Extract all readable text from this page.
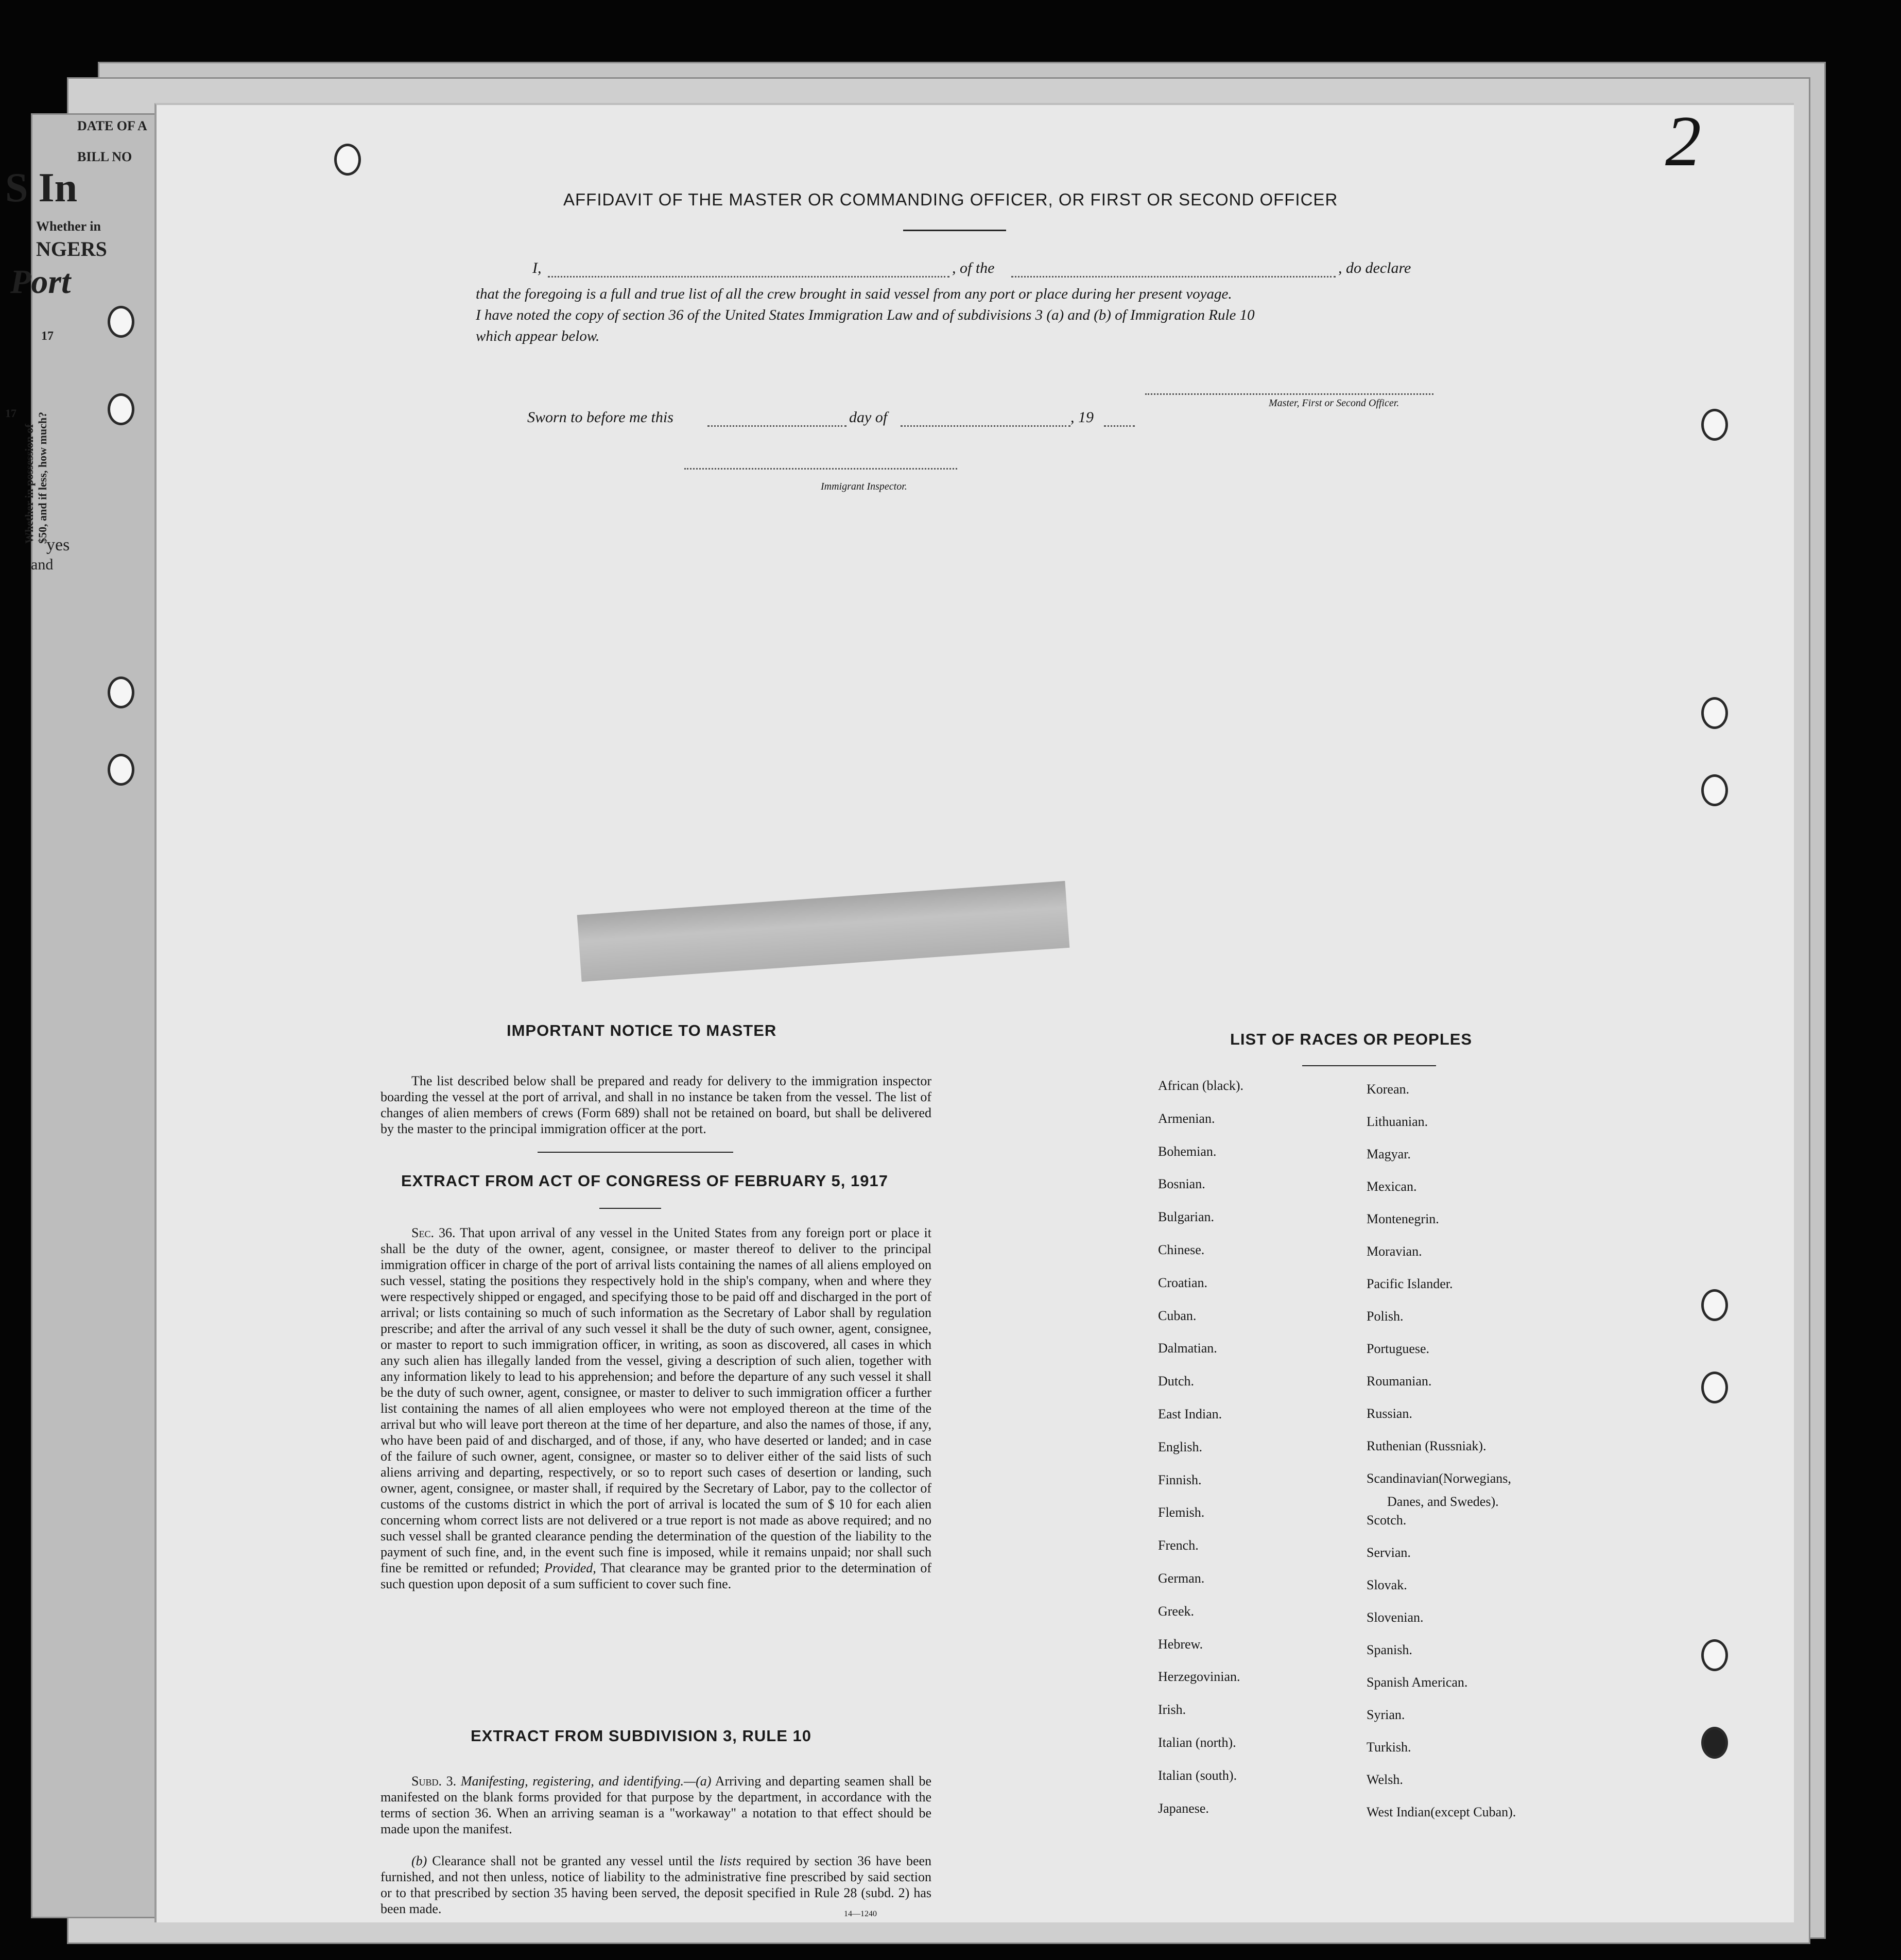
DATE OF A
BILL NO
S In
Whether in
NGERS
Port
17
17
Whether in possession of $50, and if less, how much?
yes
and
2
AFFIDAVIT OF THE MASTER OR COMMANDING OFFICER, OR FIRST OR SECOND OFFICER
I,	, of the	, do declare
that the foregoing is a full and true list of all the crew brought in said vessel from any port or place during her present voyage.
I have noted the copy of section 36 of the United States Immigration Law and of subdivisions 3 (a) and (b) of Immigration Rule 10
which appear below.
Master, First or Second Officer.
Sworn to before me this	day of	, 19
Immigrant Inspector.
IMPORTANT NOTICE TO MASTER
The list described below shall be prepared and ready for delivery to the immigration inspector boarding the vessel at the port of arrival, and shall in no instance be taken from the vessel. The list of changes of alien members of crews (Form 689) shall not be retained on board, but shall be delivered by the master to the principal immigration officer at the port.
EXTRACT FROM ACT OF CONGRESS OF FEBRUARY 5, 1917
Sec. 36. That upon arrival of any vessel in the United States from any foreign port or place it shall be the duty of the owner, agent, consignee, or master thereof to deliver to the principal immigration officer in charge of the port of arrival lists containing the names of all aliens employed on such vessel, stating the positions they respectively hold in the ship's company, when and where they were respectively shipped or engaged, and specifying those to be paid off and discharged in the port of arrival; or lists containing so much of such information as the Secretary of Labor shall by regulation prescribe; and after the arrival of any such vessel it shall be the duty of such owner, agent, consignee, or master to report to such immigration officer, in writing, as soon as discovered, all cases in which any such alien has illegally landed from the vessel, giving a description of such alien, together with any information likely to lead to his apprehension; and before the departure of any such vessel it shall be the duty of such owner, agent, consignee, or master to deliver to such immigration officer a further list containing the names of all alien employees who were not employed thereon at the time of the arrival but who will leave port thereon at the time of her departure, and also the names of those, if any, who have been paid of and discharged, and of those, if any, who have deserted or landed; and in case of the failure of such owner, agent, consignee, or master so to deliver either of the said lists of such aliens arriving and departing, respectively, or so to report such cases of desertion or landing, such owner, agent, consignee, or master shall, if required by the Secretary of Labor, pay to the collector of customs of the customs district in which the port of arrival is located the sum of $ 10 for each alien concerning whom correct lists are not delivered or a true report is not made as above required; and no such vessel shall be granted clearance pending the determination of the question of the liability to the payment of such fine, and, in the event such fine is imposed, while it remains unpaid; nor shall such fine be remitted or refunded; Provided, That clearance may be granted prior to the determination of such question upon deposit of a sum sufficient to cover such fine.
EXTRACT FROM SUBDIVISION 3, RULE 10
Subd. 3. Manifesting, registering, and identifying.—(a) Arriving and departing seamen shall be manifested on the blank forms provided for that purpose by the department, in accordance with the terms of section 36. When an arriving seaman is a "workaway" a notation to that effect should be made upon the manifest.
(b) Clearance shall not be granted any vessel until the lists required by section 36 have been furnished, and not then unless, notice of liability to the administrative fine prescribed by said section or to that prescribed by section 35 having been served, the deposit specified in Rule 28 (subd. 2) has been made.	14—1240
LIST OF RACES OR PEOPLES
African (black).
Armenian.
Bohemian.
Bosnian.
Bulgarian.
Chinese.
Croatian.
Cuban.
Dalmatian.
Dutch.
East Indian.
English.
Finnish.
Flemish.
French.
German.
Greek.
Hebrew.
Herzegovinian.
Irish.
Italian (north).
Italian (south).
Japanese.
Korean.
Lithuanian.
Magyar.
Mexican.
Montenegrin.
Moravian.
Pacific Islander.
Polish.
Portuguese.
Roumanian.
Russian.
Ruthenian (Russniak).
Scandinavian(Norwegians,
Scotch.
Servian.
Slovak.
Slovenian.
Spanish.
Spanish American.
Syrian.
Turkish.
Welsh.
West Indian(except Cuban).
Danes, and Swedes).
